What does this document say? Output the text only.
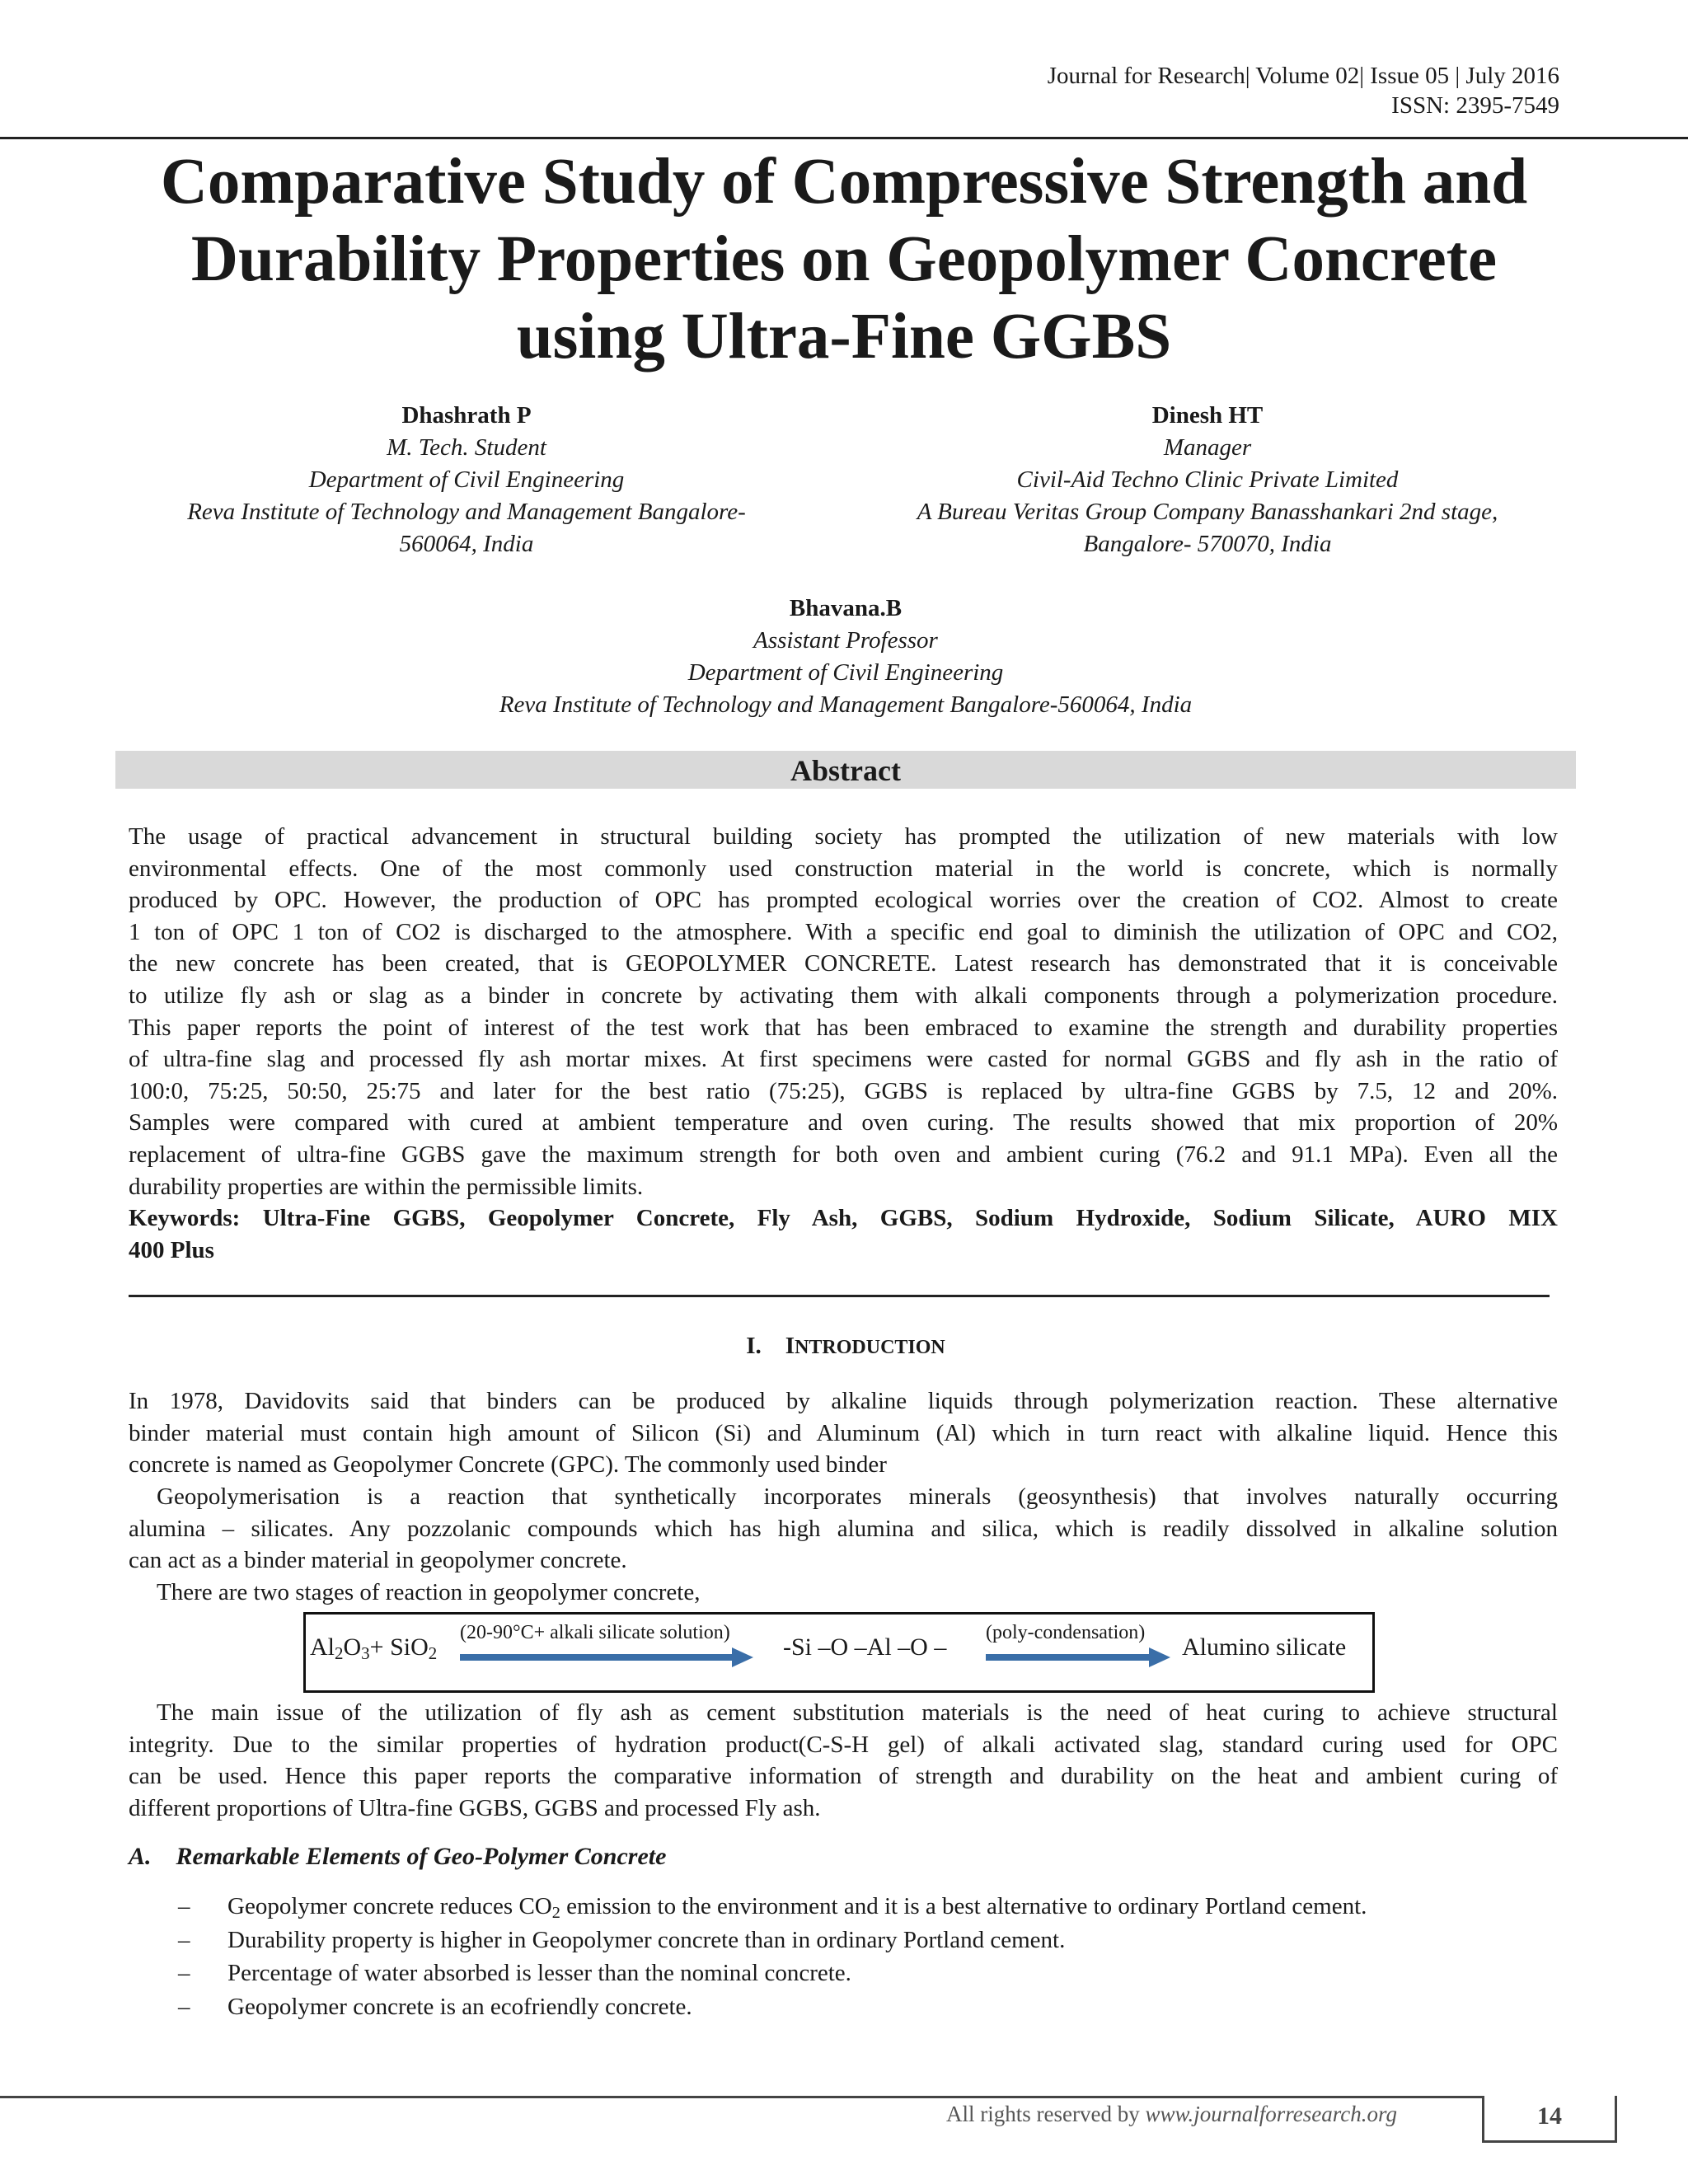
Journal for Research| Volume 02| Issue 05 | July 2016
ISSN: 2395-7549
Comparative Study of Compressive Strength and
Durability Properties on Geopolymer Concrete
using Ultra-Fine GGBS
Dhashrath P
M. Tech. Student
Department of Civil Engineering
Reva Institute of Technology and Management Bangalore-
560064, India
Dinesh HT
Manager
Civil-Aid Techno Clinic Private Limited
A Bureau Veritas Group Company Banasshankari 2nd stage,
Bangalore- 570070, India
Bhavana.B
Assistant Professor
Department of Civil Engineering
Reva Institute of Technology and Management Bangalore-560064, India
Abstract
The usage of practical advancement in structural building society has prompted the utilization of new materials with low
environmental effects. One of the most commonly used construction material in the world is concrete, which is normally
produced by OPC. However, the production of OPC has prompted ecological worries over the creation of CO2. Almost to create
1 ton of OPC 1 ton of CO2 is discharged to the atmosphere. With a specific end goal to diminish the utilization of OPC and CO2,
the new concrete has been created, that is GEOPOLYMER CONCRETE. Latest research has demonstrated that it is conceivable
to utilize fly ash or slag as a binder in concrete by activating them with alkali components through a polymerization procedure.
This paper reports the point of interest of the test work that has been embraced to examine the strength and durability properties
of ultra-fine slag and processed fly ash mortar mixes. At first specimens were casted for normal GGBS and fly ash in the ratio of
100:0, 75:25, 50:50, 25:75 and later for the best ratio (75:25), GGBS is replaced by ultra-fine GGBS by 7.5, 12 and 20%.
Samples were compared with cured at ambient temperature and oven curing. The results showed that mix proportion of 20%
replacement of ultra-fine GGBS gave the maximum strength for both oven and ambient curing (76.2 and 91.1 MPa). Even all the
durability properties are within the permissible limits.
Keywords: Ultra-Fine GGBS, Geopolymer Concrete, Fly Ash, GGBS, Sodium Hydroxide, Sodium Silicate, AURO MIX
400 Plus
I. INTRODUCTION
In 1978, Davidovits said that binders can be produced by alkaline liquids through polymerization reaction. These alternative
binder material must contain high amount of Silicon (Si) and Aluminum (Al) which in turn react with alkaline liquid. Hence this
concrete is named as Geopolymer Concrete (GPC). The commonly used binder
Geopolymerisation is a reaction that synthetically incorporates minerals (geosynthesis) that involves naturally occurring
alumina – silicates. Any pozzolanic compounds which has high alumina and silica, which is readily dissolved in alkaline solution
can act as a binder material in geopolymer concrete.
There are two stages of reaction in geopolymer concrete,
$Al_2O_3+ SiO_2$
(20-90°C+ alkali silicate solution)
-Si –O –Al –O –
(poly-condensation)
Alumino silicate
The main issue of the utilization of fly ash as cement substitution materials is the need of heat curing to achieve structural
integrity. Due to the similar properties of hydration product(C-S-H gel) of alkali activated slag, standard curing used for OPC
can be used. Hence this paper reports the comparative information of strength and durability on the heat and ambient curing of
different proportions of Ultra-fine GGBS, GGBS and processed Fly ash.
A. Remarkable Elements of Geo-Polymer Concrete
– Geopolymer concrete reduces $CO_2$ emission to the environment and it is a best alternative to ordinary Portland cement.
– Durability property is higher in Geopolymer concrete than in ordinary Portland cement.
– Percentage of water absorbed is lesser than the nominal concrete.
– Geopolymer concrete is an ecofriendly concrete.
All rights reserved by www.journalforresearch.org	14
